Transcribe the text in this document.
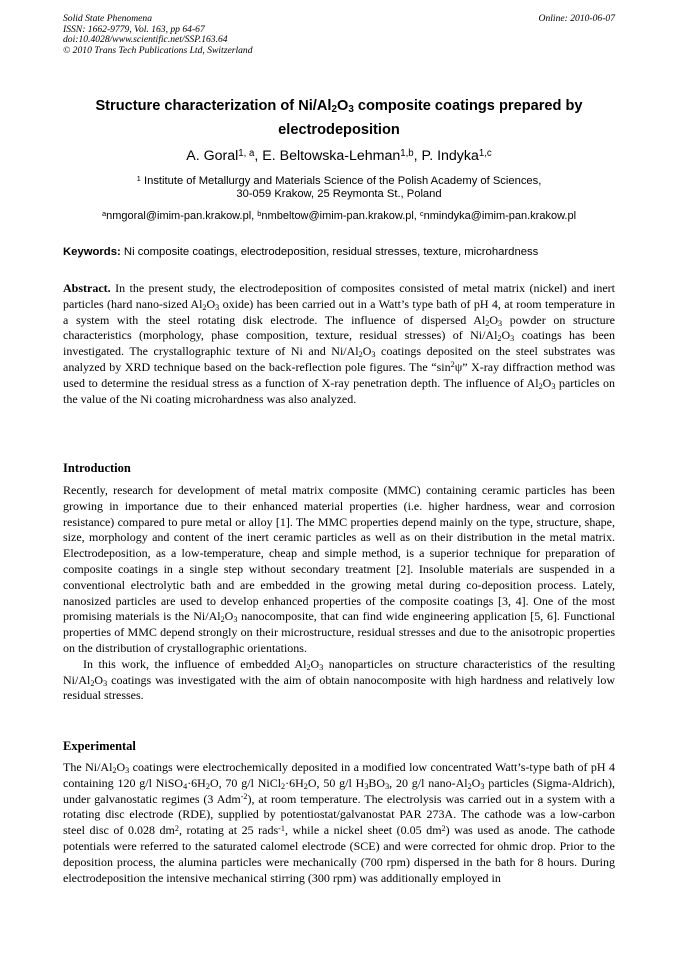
Solid State Phenomena
ISSN: 1662-9779, Vol. 163, pp 64-67
doi:10.4028/www.scientific.net/SSP.163.64
© 2010 Trans Tech Publications Ltd, Switzerland
Online: 2010-06-07
Structure characterization of $Ni/Al_2O_3$ composite coatings prepared by electrodeposition
A. Goral$^{1, a}$, E. Beltowska-Lehman$^{1,b}$, P. Indyka$^{1,c}$
$^1$ Institute of Metallurgy and Materials Science of the Polish Academy of Sciences,
30-059 Krakow, 25 Reymonta St., Poland
$^a$nmgoral@imim-pan.krakow.pl, $^b$nmbeltow@imim-pan.krakow.pl, $^c$nmindyka@imim-pan.krakow.pl
Keywords: Ni composite coatings, electrodeposition, residual stresses, texture, microhardness
Abstract. In the present study, the electrodeposition of composites consisted of metal matrix (nickel) and inert particles (hard nano-sized $Al_2O_3$ oxide) has been carried out in a Watt’s type bath of pH 4, at room temperature in a system with the steel rotating disk electrode. The influence of dispersed $Al_2O_3$ powder on structure characteristics (morphology, phase composition, texture, residual stresses) of $Ni/Al_2O_3$ coatings has been investigated. The crystallographic texture of Ni and $Ni/Al_2O_3$ coatings deposited on the steel substrates was analyzed by XRD technique based on the back-reflection pole figures. The “$\sin^2\psi$” X-ray diffraction method was used to determine the residual stress as a function of X-ray penetration depth. The influence of $Al_2O_3$ particles on the value of the Ni coating microhardness was also analyzed.
Introduction

Recently, research for development of metal matrix composite (MMC) containing ceramic particles has been growing in importance due to their enhanced material properties (i.e. higher hardness, wear and corrosion resistance) compared to pure metal or alloy [1]. The MMC properties depend mainly on the type, structure, shape, size, morphology and content of the inert ceramic particles as well as on their distribution in the metal matrix. Electrodeposition, as a low-temperature, cheap and simple method, is a superior technique for preparation of composite coatings in a single step without secondary treatment [2]. Insoluble materials are suspended in a conventional electrolytic bath and are embedded in the growing metal during co-deposition process. Lately, nanosized particles are used to develop enhanced properties of the composite coatings [3, 4]. One of the most promising materials is the $Ni/Al_2O_3$ nanocomposite, that can find wide engineering application [5, 6]. Functional properties of MMC depend strongly on their microstructure, residual stresses and due to the anisotropic properties on the distribution of crystallographic orientations.

In this work, the influence of embedded $Al_2O_3$ nanoparticles on structure characteristics of the resulting $Ni/Al_2O_3$ coatings was investigated with the aim of obtain nanocomposite with high hardness and relatively low residual stresses.

Experimental

The $Ni/Al_2O_3$ coatings were electrochemically deposited in a modified low concentrated Watt’s-type bath of pH 4 containing 120 g/l $NiSO_4\cdot 6H_2O$, 70 g/l $NiCl_2\cdot 6H_2O$, 50 g/l $H_3BO_3$, 20 g/l nano-$Al_2O_3$ particles (Sigma-Aldrich), under galvanostatic regimes (3 Adm$^{-2}$), at room temperature. The electrolysis was carried out in a system with a rotating disc electrode (RDE), supplied by potentiostat/galvanostat PAR 273A. The cathode was a low-carbon steel disc of 0.028 $dm^2$, rotating at 25 rads$^{-1}$, while a nickel sheet (0.05 $dm^2$) was used as anode. The cathode potentials were referred to the saturated calomel electrode (SCE) and were corrected for ohmic drop. Prior to the deposition process, the alumina particles were mechanically (700 rpm) dispersed in the bath for 8 hours. During electrodeposition the intensive mechanical stirring (300 rpm) was additionally employed in
